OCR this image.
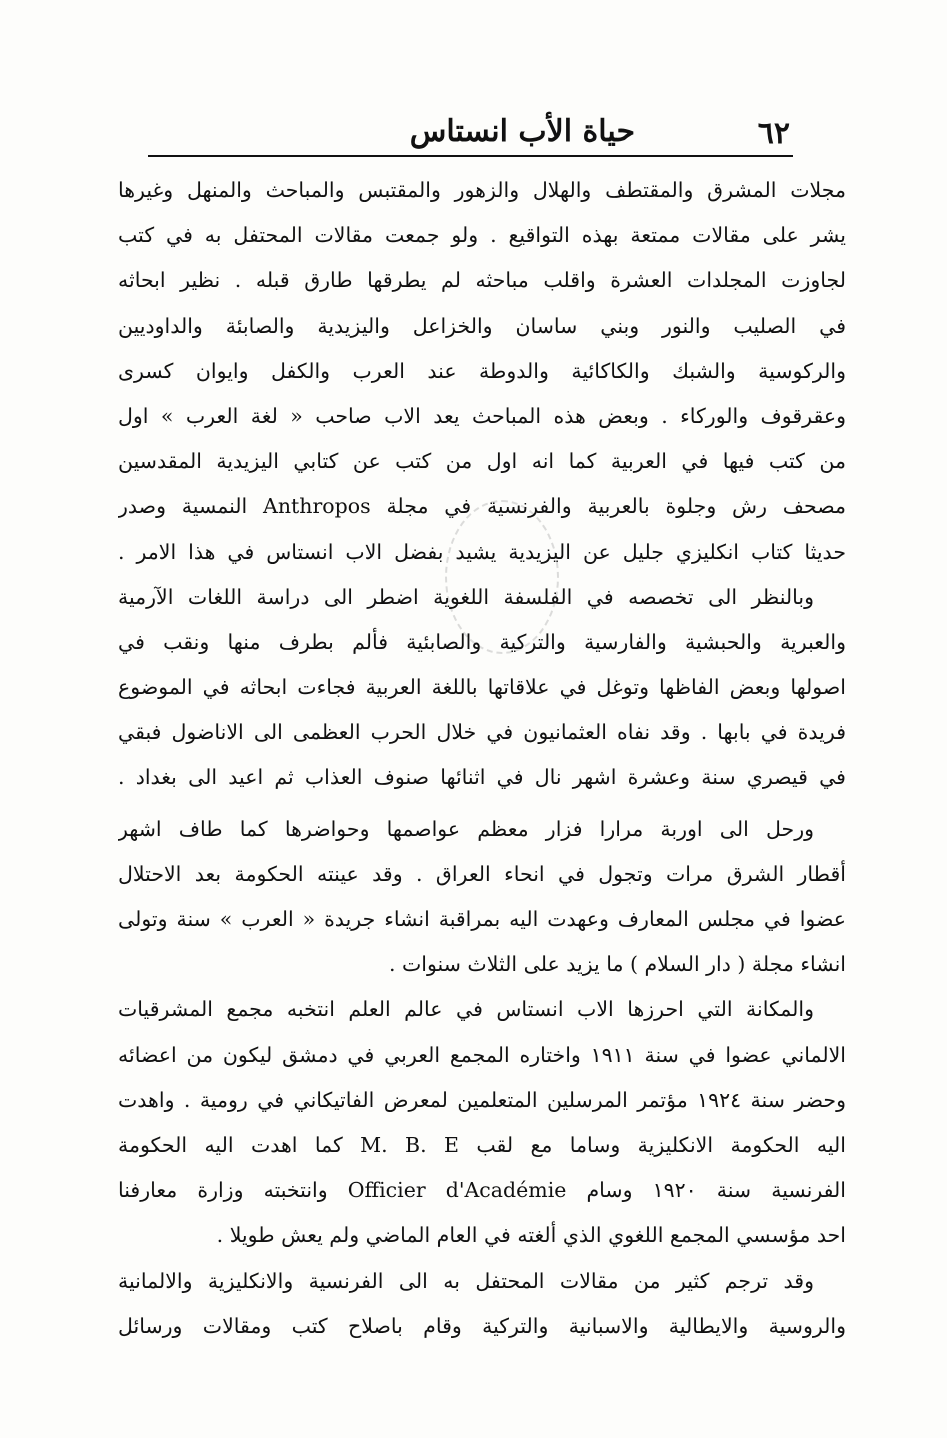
٦٢
حياة الأب انستاس
مجلات المشرق والمقتطف والهلال والزهور والمقتبس والمباحث والمنهل وغيرها
يشر على مقالات ممتعة بهذه التواقيع . ولو جمعت مقالات المحتفل به في كتب
لجاوزت المجلدات العشرة واقلب مباحثه لم يطرقها طارق قبله . نظير ابحاثه
في الصليب والنور وبني ساسان والخزاعل واليزيدية والصابئة والداوديين
والركوسية والشبك والكاكائية والدوطة عند العرب والكفل وايوان كسرى
وعقرقوف والوركاء . وبعض هذه المباحث يعد الاب صاحب « لغة العرب » اول
من كتب فيها في العربية كما انه اول من كتب عن كتابي اليزيدية المقدسين
مصحف رش وجلوة بالعربية والفرنسية في مجلة Anthropos النمسية وصدر
حديثا كتاب انكليزي جليل عن اليزيدية يشيد بفضل الاب انستاس في هذا الامر .
وبالنظر الى تخصصه في الفلسفة اللغوية اضطر الى دراسة اللغات الآرمية
والعبرية والحبشية والفارسية والتركية والصابئية فألم بطرف منها ونقب في
اصولها وبعض الفاظها وتوغل في علاقاتها باللغة العربية فجاءت ابحاثه في الموضوع
فريدة في بابها . وقد نفاه العثمانيون في خلال الحرب العظمى الى الاناضول فبقي
في قيصري سنة وعشرة اشهر نال في اثنائها صنوف العذاب ثم اعيد الى بغداد .
ورحل الى اوربة مرارا فزار معظم عواصمها وحواضرها كما طاف اشهر
أقطار الشرق مرات وتجول في انحاء العراق . وقد عينته الحكومة بعد الاحتلال
عضوا في مجلس المعارف وعهدت اليه بمراقبة انشاء جريدة « العرب » سنة وتولى
انشاء مجلة ( دار السلام ) ما يزيد على الثلاث سنوات .
والمكانة التي احرزها الاب انستاس في عالم العلم انتخبه مجمع المشرقيات
الالماني عضوا في سنة ١٩١١ واختاره المجمع العربي في دمشق ليكون من اعضائه
وحضر سنة ١٩٢٤ مؤتمر المرسلين المتعلمين لمعرض الفاتيكاني في رومية . واهدت
اليه الحكومة الانكليزية وساما مع لقب M. B. E كما اهدت اليه الحكومة
الفرنسية سنة ١٩٢٠ وسام Officier d'Académie وانتخبته وزارة معارفنا
احد مؤسسي المجمع اللغوي الذي ألغته في العام الماضي ولم يعش طويلا .
وقد ترجم كثير من مقالات المحتفل به الى الفرنسية والانكليزية والالمانية
والروسية والايطالية والاسبانية والتركية وقام باصلاح كتب ومقالات ورسائل
